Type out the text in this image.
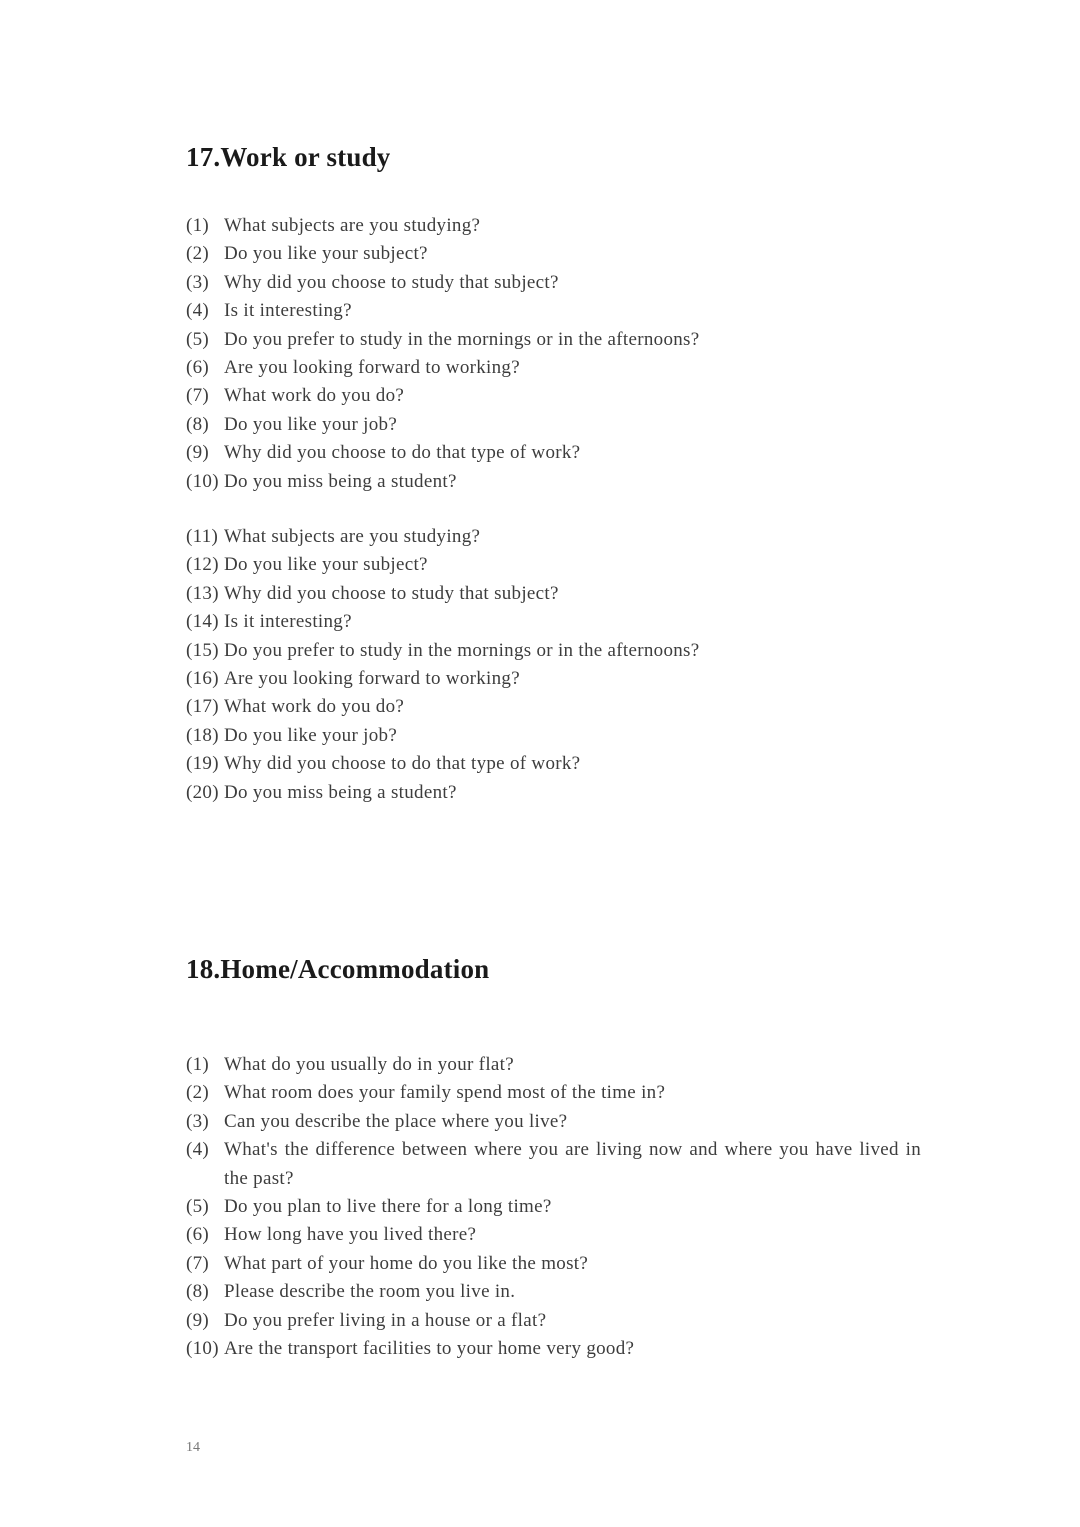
17.Work or study
(1) What subjects are you studying?
(2) Do you like your subject?
(3) Why did you choose to study that subject?
(4) Is it interesting?
(5) Do you prefer to study in the mornings or in the afternoons?
(6) Are you looking forward to working?
(7) What work do you do?
(8) Do you like your job?
(9) Why did you choose to do that type of work?
(10) Do you miss being a student?
(11) What subjects are you studying?
(12) Do you like your subject?
(13) Why did you choose to study that subject?
(14) Is it interesting?
(15) Do you prefer to study in the mornings or in the afternoons?
(16) Are you looking forward to working?
(17) What work do you do?
(18) Do you like your job?
(19) Why did you choose to do that type of work?
(20) Do you miss being a student?
18.Home/Accommodation
(1) What do you usually do in your flat?
(2) What room does your family spend most of the time in?
(3) Can you describe the place where you live?
(4) What's the difference between where you are living now and where you have lived in the past?
(5) Do you plan to live there for a long time?
(6) How long have you lived there?
(7) What part of your home do you like the most?
(8) Please describe the room you live in.
(9) Do you prefer living in a house or a flat?
(10) Are the transport facilities to your home very good?
14
